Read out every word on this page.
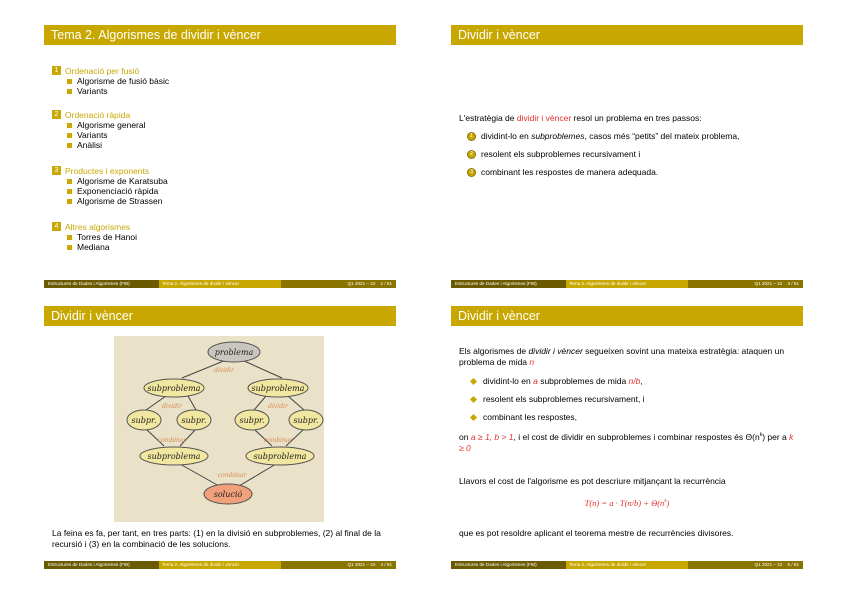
Tema 2. Algorismes de dividir i vèncer
1 Ordenació per fusió
Algorisme de fusió bàsic
Variants
2 Ordenació ràpida
Algorisme general
Variants
Anàlisi
3 Productes i exponents
Algorisme de Karatsuba
Exponenciació ràpida
Algorisme de Strassen
4 Altres algorismes
Torres de Hanoi
Mediana
Estructures de Dades i Algorismes (FIB)	Tema 2. Algorismes de dividir i vèncer	Q1 2021 – 22 2 / 81
Dividir i vèncer
L'estratègia de dividir i vèncer resol un problema en tres passos:
1 dividint-lo en subproblemes, casos més “petits” del mateix problema,
2 resolent els subproblemes recursivament i
3 combinant les respostes de manera adequada.
Estructures de Dades i Algorismes (FIB)	Tema 2. Algorismes de dividir i vèncer	Q1 2021 – 22 3 / 81
Dividir i vèncer
problema
subproblema	subproblema
subpr.	subpr.	subpr.	subpr.
subproblema	subproblema
solució
dividir
dividir	dividir
combinar	combinar
combinar
La feina es fa, per tant, en tres parts: (1) en la divisió en subproblemes, (2) al final de la recursió i (3) en la combinació de les solucions.
Estructures de Dades i Algorismes (FIB)	Tema 2. Algorismes de dividir i vèncer	Q1 2021 – 22 4 / 81
Dividir i vèncer
Els algorismes de dividir i vèncer segueixen sovint una mateixa estratègia: ataquen un problema de mida n
dividint-lo en a subproblemes de mida n/b,
resolent els subproblemes recursivament, i
combinant les respostes,
on a ≥ 1, b > 1, i el cost de dividir en subproblemes i combinar respostes és $\Theta(n^k)$ per a k ≥ 0
Llavors el cost de l'algorisme es pot descriure mitjançant la recurrència
$T(n) = a \cdot T(n/b) + \Theta(n^k)$
que es pot resoldre aplicant el teorema mestre de recurrències divisores.
Estructures de Dades i Algorismes (FIB)	Tema 2. Algorismes de dividir i vèncer	Q1 2021 – 22 5 / 81
